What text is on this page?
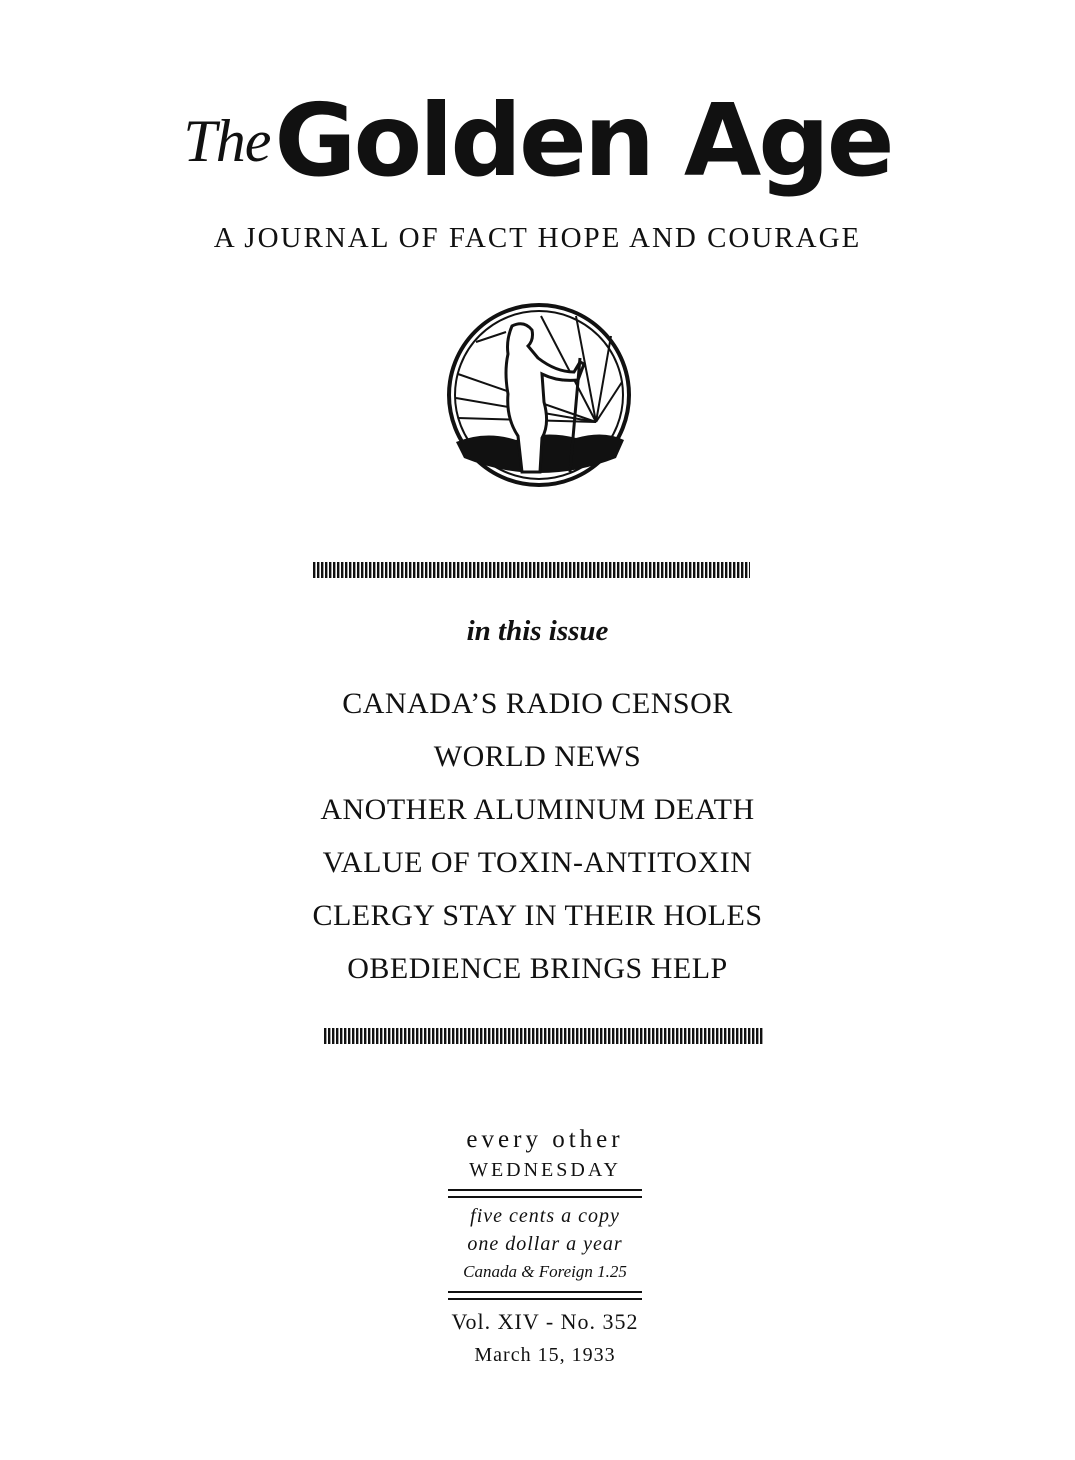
TheGolden Age
A JOURNAL OF FACT HOPE AND COURAGE
in this issue
CANADA’S RADIO CENSOR
WORLD NEWS
ANOTHER ALUMINUM DEATH
VALUE OF TOXIN-ANTITOXIN
CLERGY STAY IN THEIR HOLES
OBEDIENCE BRINGS HELP
every other
WEDNESDAY
five cents a copy
one dollar a year
Canada & Foreign 1.25
Vol. XIV - No. 352
March 15, 1933
